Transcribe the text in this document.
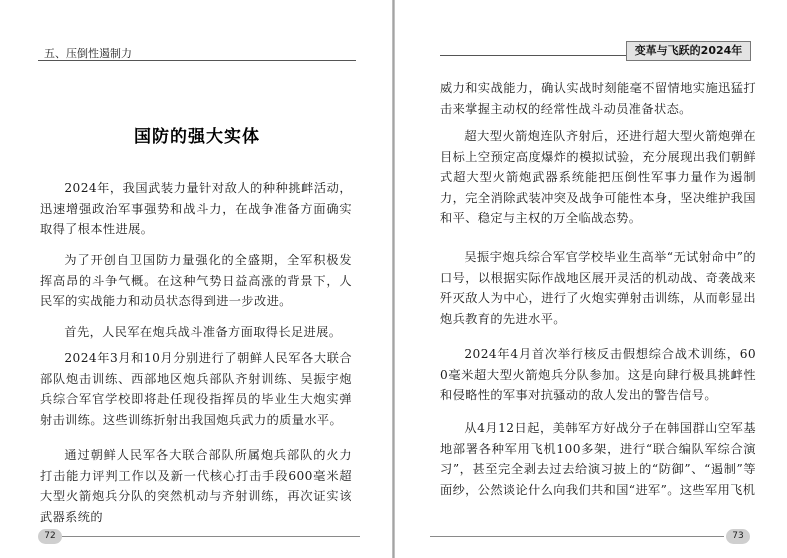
五、压倒性遏制力	变革与飞跃的2024年
国防的强大实体

2024年，我国武装力量针对敌人的种种挑衅活动，迅速增强政治军事强势和战斗力，在战争准备方面确实取得了根本性进展。

为了开创自卫国防力量强化的全盛期，全军积极发挥高昂的斗争气概。在这种气势日益高涨的背景下，人民军的实战能力和动员状态得到进一步改进。

首先，人民军在炮兵战斗准备方面取得长足进展。

2024年3月和10月分别进行了朝鲜人民军各大联合部队炮击训练、西部地区炮兵部队齐射训练、吴振宇炮兵综合军官学校即将赴任现役指挥员的毕业生大炮实弹射击训练。这些训练折射出我国炮兵武力的质量水平。

通过朝鲜人民军各大联合部队所属炮兵部队的火力打击能力评判工作以及新一代核心打击手段600毫米超大型火箭炮兵分队的突然机动与齐射训练，再次证实该武器系统的

威力和实战能力，确认实战时刻能毫不留情地实施迅猛打击来掌握主动权的经常性战斗动员准备状态。

超大型火箭炮连队齐射后，还进行超大型火箭炮弹在目标上空预定高度爆炸的模拟试验，充分展现出我们朝鲜式超大型火箭炮武器系统能把压倒性军事力量作为遏制力，完全消除武装冲突及战争可能性本身，坚决维护我国和平、稳定与主权的万全临战态势。

吴振宇炮兵综合军官学校毕业生高举“无试射命中”的口号，以根据实际作战地区展开灵活的机动战、奇袭战来歼灭敌人为中心，进行了火炮实弹射击训练，从而彰显出炮兵教育的先进水平。

2024年4月首次举行核反击假想综合战术训练，600毫米超大型火箭炮兵分队参加。这是向肆行极具挑衅性和侵略性的军事对抗骚动的敌人发出的警告信号。

从4月12日起，美韩军方好战分子在韩国群山空军基地部署各种军用飞机100多架，进行“联合编队军综合演习”，甚至完全剥去过去给演习披上的“防御”、“遏制”等面纱，公然谈论什么向我们共和国“进军”。这些军用飞机

72	73
